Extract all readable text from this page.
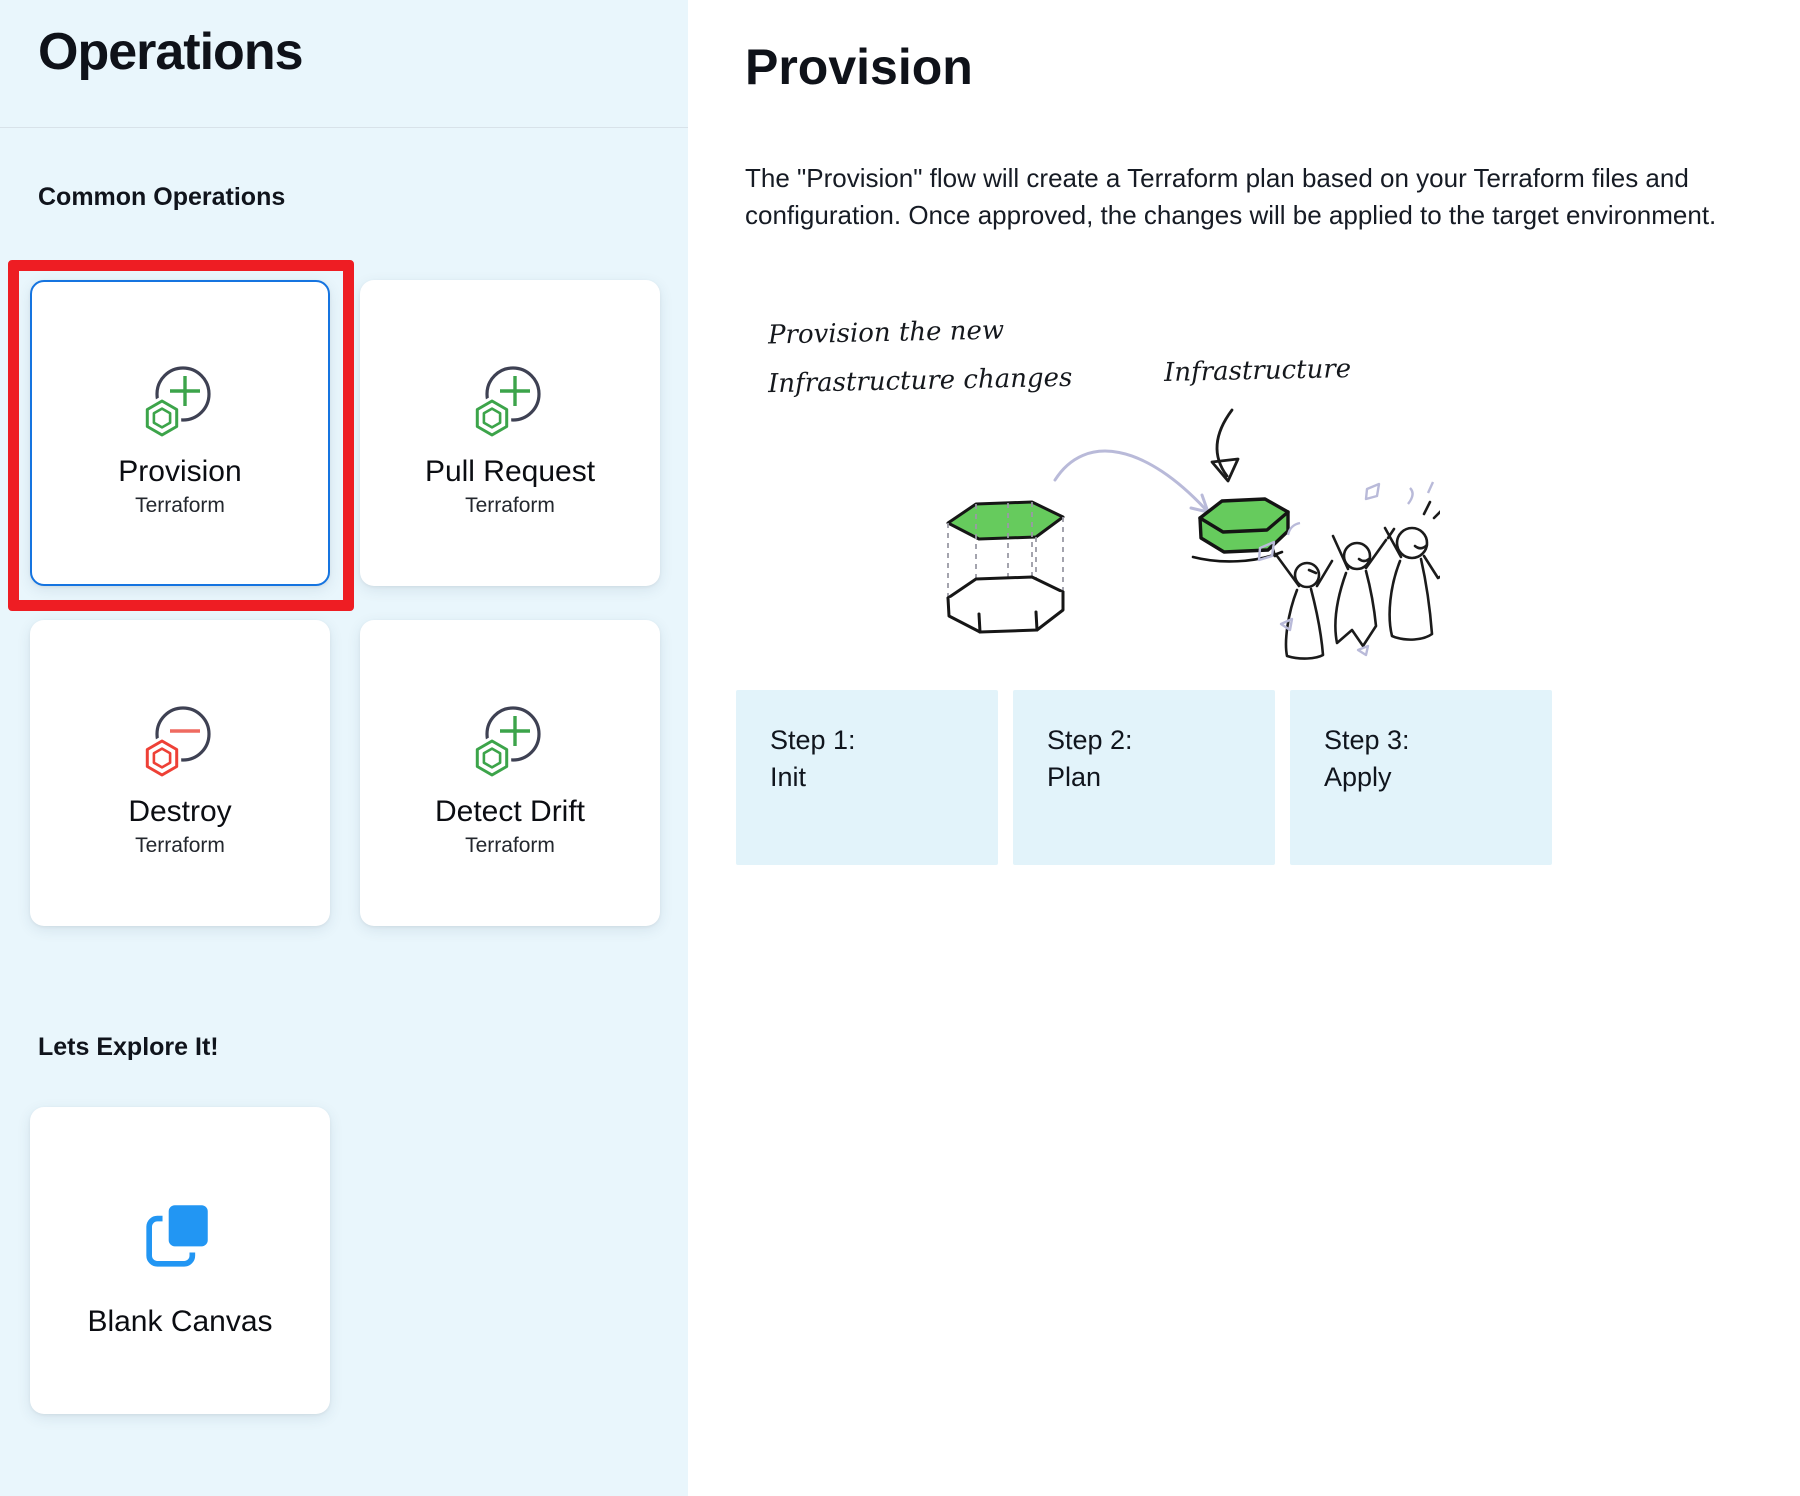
Operations
Common Operations
Provision
Terraform
Pull Request
Terraform
Destroy
Terraform
Detect Drift
Terraform
Lets Explore It!
Blank Canvas
Provision
The "Provision" flow will create a Terraform plan based on your Terraform files and configuration. Once approved, the changes will be applied to the target environment.
Provision the new
Infrastructure changes	Infrastructure
Step 1:
Init
Step 2:
Plan
Step 3:
Apply
